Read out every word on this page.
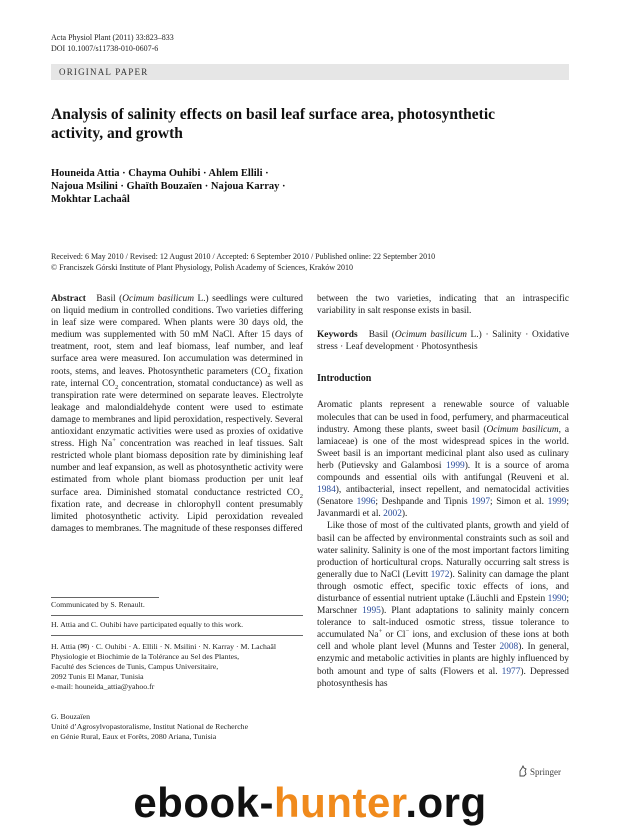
Acta Physiol Plant (2011) 33:823–833
DOI 10.1007/s11738-010-0607-6
ORIGINAL PAPER
Analysis of salinity effects on basil leaf surface area, photosynthetic activity, and growth
Houneida Attia · Chayma Ouhibi · Ahlem Ellili ·
Najoua Msilini · Ghaïth Bouzaïen · Najoua Karray ·
Mokhtar Lachaâl
Received: 6 May 2010 / Revised: 12 August 2010 / Accepted: 6 September 2010 / Published online: 22 September 2010
© Franciszek Górski Institute of Plant Physiology, Polish Academy of Sciences, Kraków 2010

Abstract Basil (Ocimum basilicum L.) seedlings were cultured on liquid medium in controlled conditions. Two varieties differing in leaf size were compared. When plants were 30 days old, the medium was supplemented with 50 mM NaCl. After 15 days of treatment, root, stem and leaf biomass, leaf number, and leaf surface area were measured. Ion accumulation was determined in roots, stems, and leaves. Photosynthetic parameters ($CO_2$ fixation rate, internal $CO_2$ concentration, stomatal conductance) as well as transpiration rate were determined on separate leaves. Electrolyte leakage and malondialdehyde content were used to estimate damage to membranes and lipid peroxidation, respectively. Several antioxidant enzymatic activities were used as proxies of oxidative stress. High Na+ concentration was reached in leaf tissues. Salt restricted whole plant biomass deposition rate by diminishing leaf number and leaf expansion, as well as photosynthetic activity were estimated from whole plant biomass production per unit leaf surface area. Diminished stomatal conductance restricted $CO_2$ fixation rate, and decrease in chlorophyll content presumably limited photosynthetic activity. Lipid peroxidation revealed damages to membranes. The magnitude of these responses differed

Communicated by S. Renault.
H. Attia and C. Ouhibi have participated equally to this work.
H. Attia (✉) · C. Ouhibi · A. Ellili · N. Msilini · N. Karray · M. Lachaâl
Physiologie et Biochimie de la Tolérance au Sel des Plantes,
Faculté des Sciences de Tunis, Campus Universitaire,
2092 Tunis El Manar, Tunisia
e-mail: houneida_attia@yahoo.fr
G. Bouzaïen
Unité d’Agrosylvopastoralisme, Institut National de Recherche
en Génie Rural, Eaux et Forêts, 2080 Ariana, Tunisia

between the two varieties, indicating that an intraspecific variability in salt response exists in basil.

Keywords Basil (Ocimum basilicum L.) · Salinity · Oxidative stress · Leaf development · Photosynthesis

Introduction

Aromatic plants represent a renewable source of valuable molecules that can be used in food, perfumery, and pharmaceutical industry. Among these plants, sweet basil (Ocimum basilicum, a lamiaceae) is one of the most widespread spices in the world. Sweet basil is an important medicinal plant also used as culinary herb (Putievsky and Galambosi 1999). It is a source of aroma compounds and essential oils with antifungal (Reuveni et al. 1984), antibacterial, insect repellent, and nematocidal activities (Senatore 1996; Deshpande and Tipnis 1997; Simon et al. 1999; Javanmardi et al. 2002).

Like those of most of the cultivated plants, growth and yield of basil can be affected by environmental constraints such as soil and water salinity. Salinity is one of the most important factors limiting production of horticultural crops. Naturally occurring salt stress is generally due to NaCl (Levitt 1972). Salinity can damage the plant through osmotic effect, specific toxic effects of ions, and disturbance of essential nutrient uptake (Läuchli and Epstein 1990; Marschner 1995). Plant adaptations to salinity mainly concern tolerance to salt-induced osmotic stress, tissue tolerance to accumulated Na+ or Cl− ions, and exclusion of these ions at both cell and whole plant level (Munns and Tester 2008). In general, enzymic and metabolic activities in plants are highly influenced by both amount and type of salts (Flowers et al. 1977). Depressed photosynthesis has

Springer
ebook-hunter.org
